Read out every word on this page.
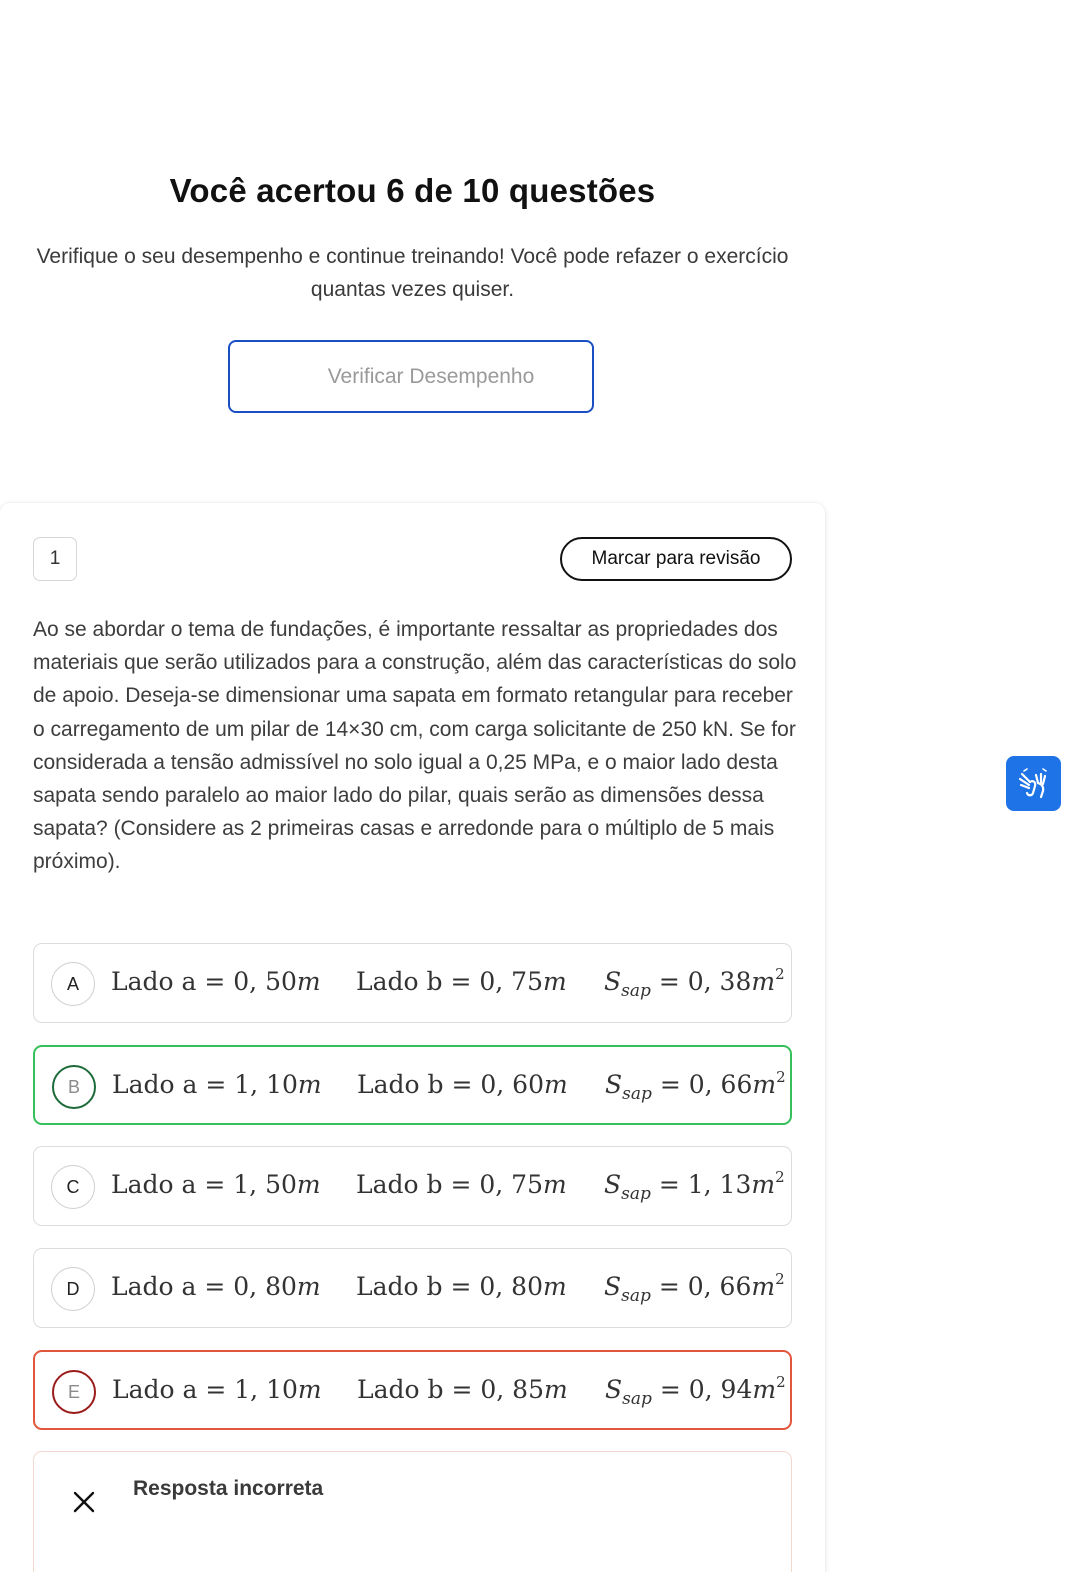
Você acertou 6 de 10 questões
Verifique o seu desempenho e continue treinando! Você pode refazer o exercício quantas vezes quiser.
Verificar Desempenho
1	Marcar para revisão
Ao se abordar o tema de fundações, é importante ressaltar as propriedades dos materiais que serão utilizados para a construção, além das características do solo de apoio. Deseja-se dimensionar uma sapata em formato retangular para receber o carregamento de um pilar de 14×30 cm, com carga solicitante de 250 kN. Se for considerada a tensão admissível no solo igual a 0,25 MPa, e o maior lado desta sapata sendo paralelo ao maior lado do pilar, quais serão as dimensões dessa sapata? (Considere as 2 primeiras casas e arredonde para o múltiplo de 5 mais próximo).
A	Lado a = 0, 50m Lado b = 0, 75m $S_{sap} = 0$, $38m^2$
B	Lado a = 1, 10m Lado b = 0, 60m $S_{sap} = 0$, $66m^2$
C	Lado a = 1, 50m Lado b = 0, 75m $S_{sap} = 1$, $13m^2$
D	Lado a = 0, 80m Lado b = 0, 80m $S_{sap} = 0$, $66m^2$
E	Lado a = 1, 10m Lado b = 0, 85m $S_{sap} = 0$, $94m^2$
Resposta incorreta
